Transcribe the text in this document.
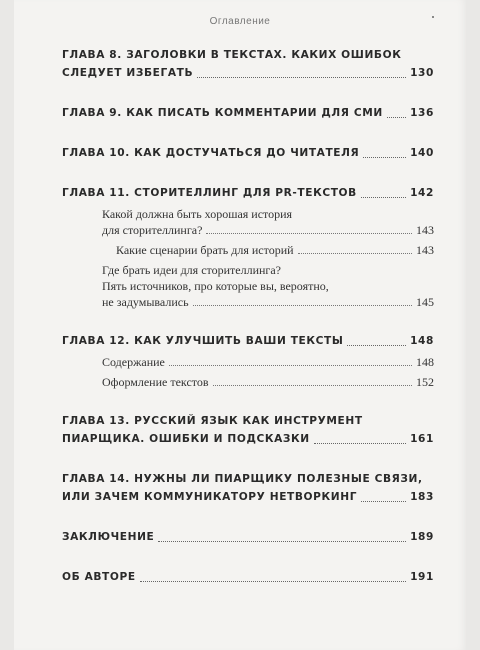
Оглавление
ГЛАВА 8. ЗАГОЛОВКИ В ТЕКСТАХ. КАКИХ ОШИБОК
СЛЕДУЕТ ИЗБЕГАТЬ	130
ГЛАВА 9. КАК ПИСАТЬ КОММЕНТАРИИ ДЛЯ СМИ	136
ГЛАВА 10. КАК ДОСТУЧАТЬСЯ ДО ЧИТАТЕЛЯ	140
ГЛАВА 11. СТОРИТЕЛЛИНГ ДЛЯ PR-ТЕКСТОВ	142
Какой должна быть хорошая история
для сторителлинга?	143
Какие сценарии брать для историй	143
Где брать идеи для сторителлинга?
Пять источников, про которые вы, вероятно,
не задумывались	145
ГЛАВА 12. КАК УЛУЧШИТЬ ВАШИ ТЕКСТЫ	148
Содержание	148
Оформление текстов	152
ГЛАВА 13. РУССКИЙ ЯЗЫК КАК ИНСТРУМЕНТ
ПИАРЩИКА. ОШИБКИ И ПОДСКАЗКИ	161
ГЛАВА 14. НУЖНЫ ЛИ ПИАРЩИКУ ПОЛЕЗНЫЕ СВЯЗИ,
ИЛИ ЗАЧЕМ КОММУНИКАТОРУ НЕТВОРКИНГ	183
ЗАКЛЮЧЕНИЕ	189
ОБ АВТОРЕ	191
